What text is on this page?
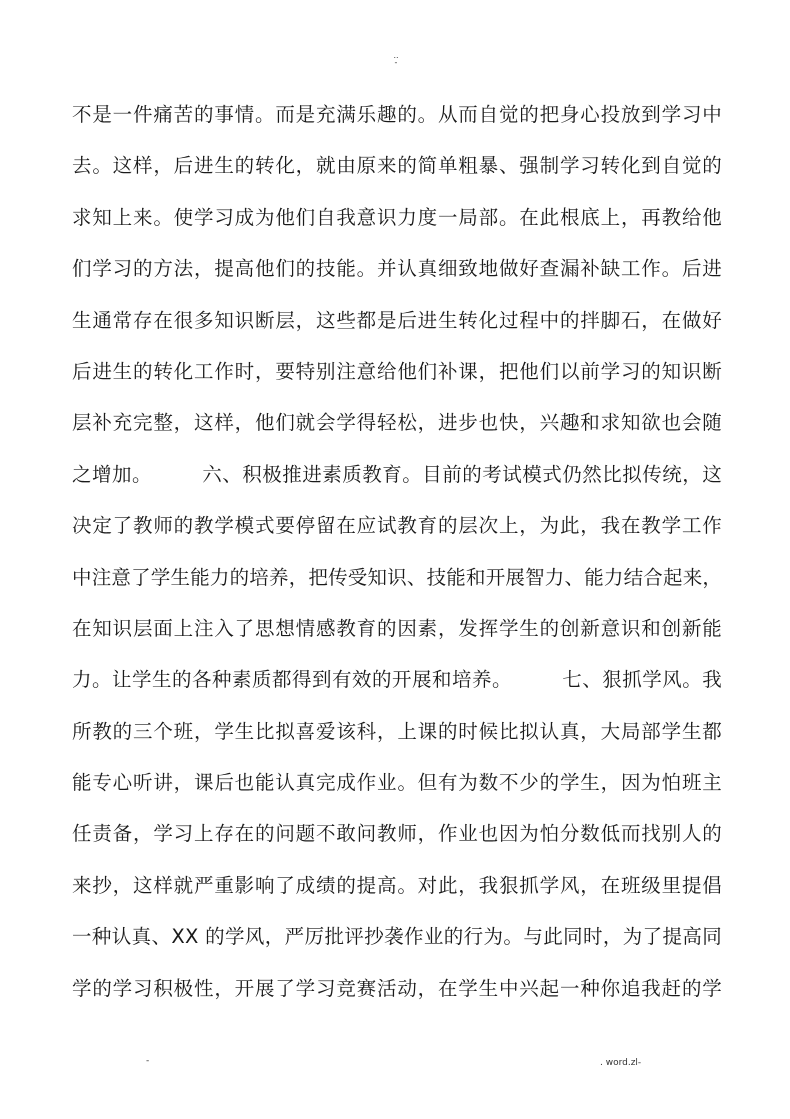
..
-
不是一件痛苦的事情。而是充满乐趣的。从而自觉的把身心投放到学习中
去。这样，后进生的转化，就由原来的简单粗暴、强制学习转化到自觉的
求知上来。使学习成为他们自我意识力度一局部。在此根底上，再教给他
们学习的方法，提高他们的技能。并认真细致地做好查漏补缺工作。后进
生通常存在很多知识断层，这些都是后进生转化过程中的拌脚石，在做好
后进生的转化工作时，要特别注意给他们补课，把他们以前学习的知识断
层补充完整，这样，他们就会学得轻松，进步也快，兴趣和求知欲也会随
之增加。　　　六、积极推进素质教育。目前的考试模式仍然比拟传统，这
决定了教师的教学模式要停留在应试教育的层次上，为此，我在教学工作
中注意了学生能力的培养，把传受知识、技能和开展智力、能力结合起来，
在知识层面上注入了思想情感教育的因素，发挥学生的创新意识和创新能
力。让学生的各种素质都得到有效的开展和培养。　　　七、狠抓学风。我
所教的三个班，学生比拟喜爱该科，上课的时候比拟认真，大局部学生都
能专心听讲，课后也能认真完成作业。但有为数不少的学生，因为怕班主
任责备，学习上存在的问题不敢问教师，作业也因为怕分数低而找别人的
来抄，这样就严重影响了成绩的提高。对此，我狠抓学风，在班级里提倡
一种认真、XX 的学风，严厉批评抄袭作业的行为。与此同时，为了提高同
学的学习积极性，开展了学习竞赛活动，在学生中兴起一种你追我赶的学
-	. word.zl-
